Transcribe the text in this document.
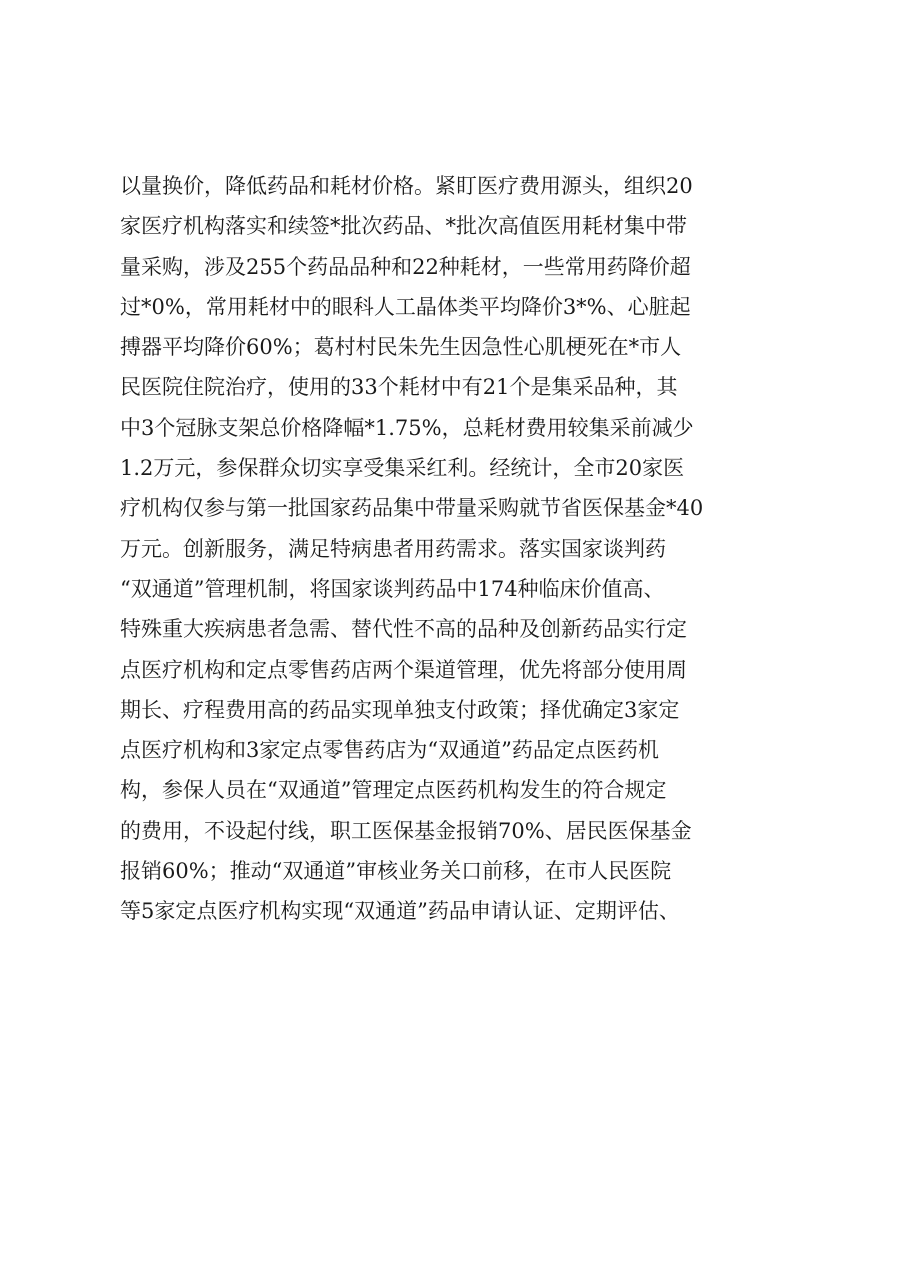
以量换价，降低药品和耗材价格。紧盯医疗费用源头，组织20
家医疗机构落实和续签*批次药品、*批次高值医用耗材集中带
量采购，涉及255个药品品种和22种耗材，一些常用药降价超
过*0%，常用耗材中的眼科人工晶体类平均降价3*%、心脏起
搏器平均降价60%；葛村村民朱先生因急性心肌梗死在*市人
民医院住院治疗，使用的33个耗材中有21个是集采品种，其
中3个冠脉支架总价格降幅*1.75%，总耗材费用较集采前减少
1.2万元，参保群众切实享受集采红利。经统计，全市20家医
疗机构仅参与第一批国家药品集中带量采购就节省医保基金*40
万元。创新服务，满足特病患者用药需求。落实国家谈判药
“双通道”管理机制，将国家谈判药品中174种临床价值高、
特殊重大疾病患者急需、替代性不高的品种及创新药品实行定
点医疗机构和定点零售药店两个渠道管理，优先将部分使用周
期长、疗程费用高的药品实现单独支付政策；择优确定3家定
点医疗机构和3家定点零售药店为“双通道”药品定点医药机
构，参保人员在“双通道”管理定点医药机构发生的符合规定
的费用，不设起付线，职工医保基金报销70%、居民医保基金
报销60%；推动“双通道”审核业务关口前移，在市人民医院
等5家定点医疗机构实现“双通道”药品申请认证、定期评估、
